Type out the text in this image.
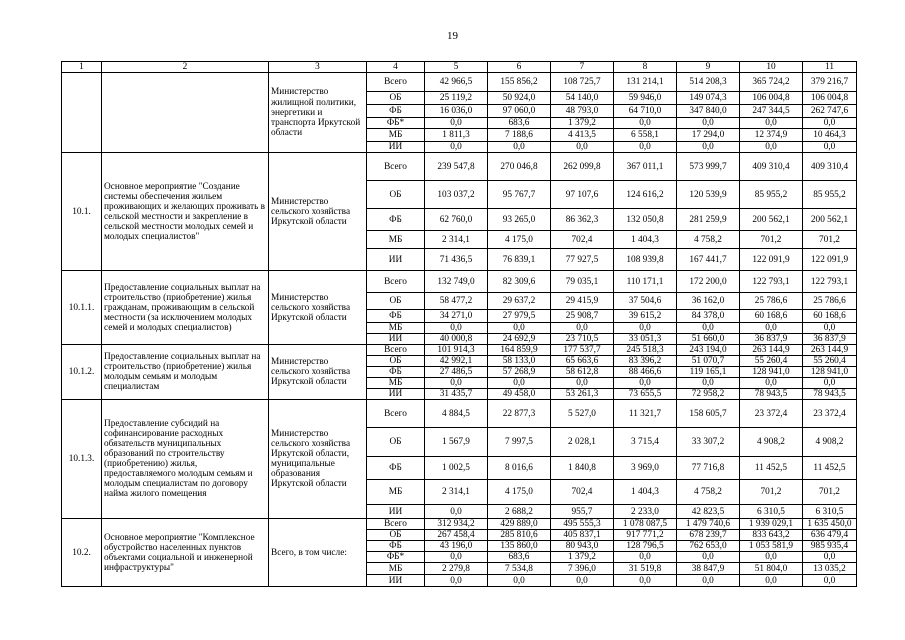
19
1	2	3	4	5	6	7	8	9	10	11
		Министерство жилищной политики, энергетики и транспорта Иркутской области	Всего	42 966,5	155 856,2	108 725,7	131 214,1	514 208,3	365 724,2	379 216,7
			ОБ	25 119,2	50 924,0	54 140,0	59 946,0	149 074,3	106 004,8	106 004,8
			ФБ	16 036,0	97 060,0	48 793,0	64 710,0	347 840,0	247 344,5	262 747,6
			ФБ*	0,0	683,6	1 379,2	0,0	0,0	0,0	0,0
			МБ	1 811,3	7 188,6	4 413,5	6 558,1	17 294,0	12 374,9	10 464,3
			ИИ	0,0	0,0	0,0	0,0	0,0	0,0	0,0
10.1.	Основное мероприятие "Создание системы обеспечения жильем проживающих и желающих проживать в сельской местности и закрепление в сельской местности молодых семей и молодых специалистов"	Министерство сельского хозяйства Иркутской области	Всего	239 547,8	270 046,8	262 099,8	367 011,1	573 999,7	409 310,4	409 310,4
			ОБ	103 037,2	95 767,7	97 107,6	124 616,2	120 539,9	85 955,2	85 955,2
			ФБ	62 760,0	93 265,0	86 362,3	132 050,8	281 259,9	200 562,1	200 562,1
			МБ	2 314,1	4 175,0	702,4	1 404,3	4 758,2	701,2	701,2
			ИИ	71 436,5	76 839,1	77 927,5	108 939,8	167 441,7	122 091,9	122 091,9
10.1.1.	Предоставление социальных выплат на строительство (приобретение) жилья гражданам, проживающим в сельской местности (за исключением молодых семей и молодых специалистов)	Министерство сельского хозяйства Иркутской области	Всего	132 749,0	82 309,6	79 035,1	110 171,1	172 200,0	122 793,1	122 793,1
			ОБ	58 477,2	29 637,2	29 415,9	37 504,6	36 162,0	25 786,6	25 786,6
			ФБ	34 271,0	27 979,5	25 908,7	39 615,2	84 378,0	60 168,6	60 168,6
			МБ	0,0	0,0	0,0	0,0	0,0	0,0	0,0
			ИИ	40 000,8	24 692,9	23 710,5	33 051,3	51 660,0	36 837,9	36 837,9
10.1.2.	Предоставление социальных выплат на строительство (приобретение) жилья молодым семьям и молодым специалистам	Министерство сельского хозяйства Иркутской области	Всего	101 914,3	164 859,9	177 537,7	245 518,3	243 194,0	263 144,9	263 144,9
			ОБ	42 992,1	58 133,0	65 663,6	83 396,2	51 070,7	55 260,4	55 260,4
			ФБ	27 486,5	57 268,9	58 612,8	88 466,6	119 165,1	128 941,0	128 941,0
			МБ	0,0	0,0	0,0	0,0	0,0	0,0	0,0
			ИИ	31 435,7	49 458,0	53 261,3	73 655,5	72 958,2	78 943,5	78 943,5
10.1.3.	Предоставление субсидий на софинансирование расходных обязательств муниципальных образований по строительству (приобретению) жилья, предоставляемого молодым семьям и молодым специалистам по договору найма жилого помещения	Министерство сельского хозяйства Иркутской области, муниципальные образования Иркутской области	Всего	4 884,5	22 877,3	5 527,0	11 321,7	158 605,7	23 372,4	23 372,4
			ОБ	1 567,9	7 997,5	2 028,1	3 715,4	33 307,2	4 908,2	4 908,2
			ФБ	1 002,5	8 016,6	1 840,8	3 969,0	77 716,8	11 452,5	11 452,5
			МБ	2 314,1	4 175,0	702,4	1 404,3	4 758,2	701,2	701,2
			ИИ	0,0	2 688,2	955,7	2 233,0	42 823,5	6 310,5	6 310,5
10.2.	Основное мероприятие "Комплексное обустройство населенных пунктов объектами социальной и инженерной инфраструктуры"	Всего, в том числе:	Всего	312 934,2	429 889,0	495 555,3	1 078 087,5	1 479 740,6	1 939 029,1	1 635 450,0
			ОБ	267 458,4	285 810,6	405 837,1	917 771,2	678 239,7	833 643,2	636 479,4
			ФБ	43 196,0	135 860,0	80 943,0	128 796,5	762 653,0	1 053 581,9	985 935,4
			ФБ*	0,0	683,6	1 379,2	0,0	0,0	0,0	0,0
			МБ	2 279,8	7 534,8	7 396,0	31 519,8	38 847,9	51 804,0	13 035,2
			ИИ	0,0	0,0	0,0	0,0	0,0	0,0	0,0
